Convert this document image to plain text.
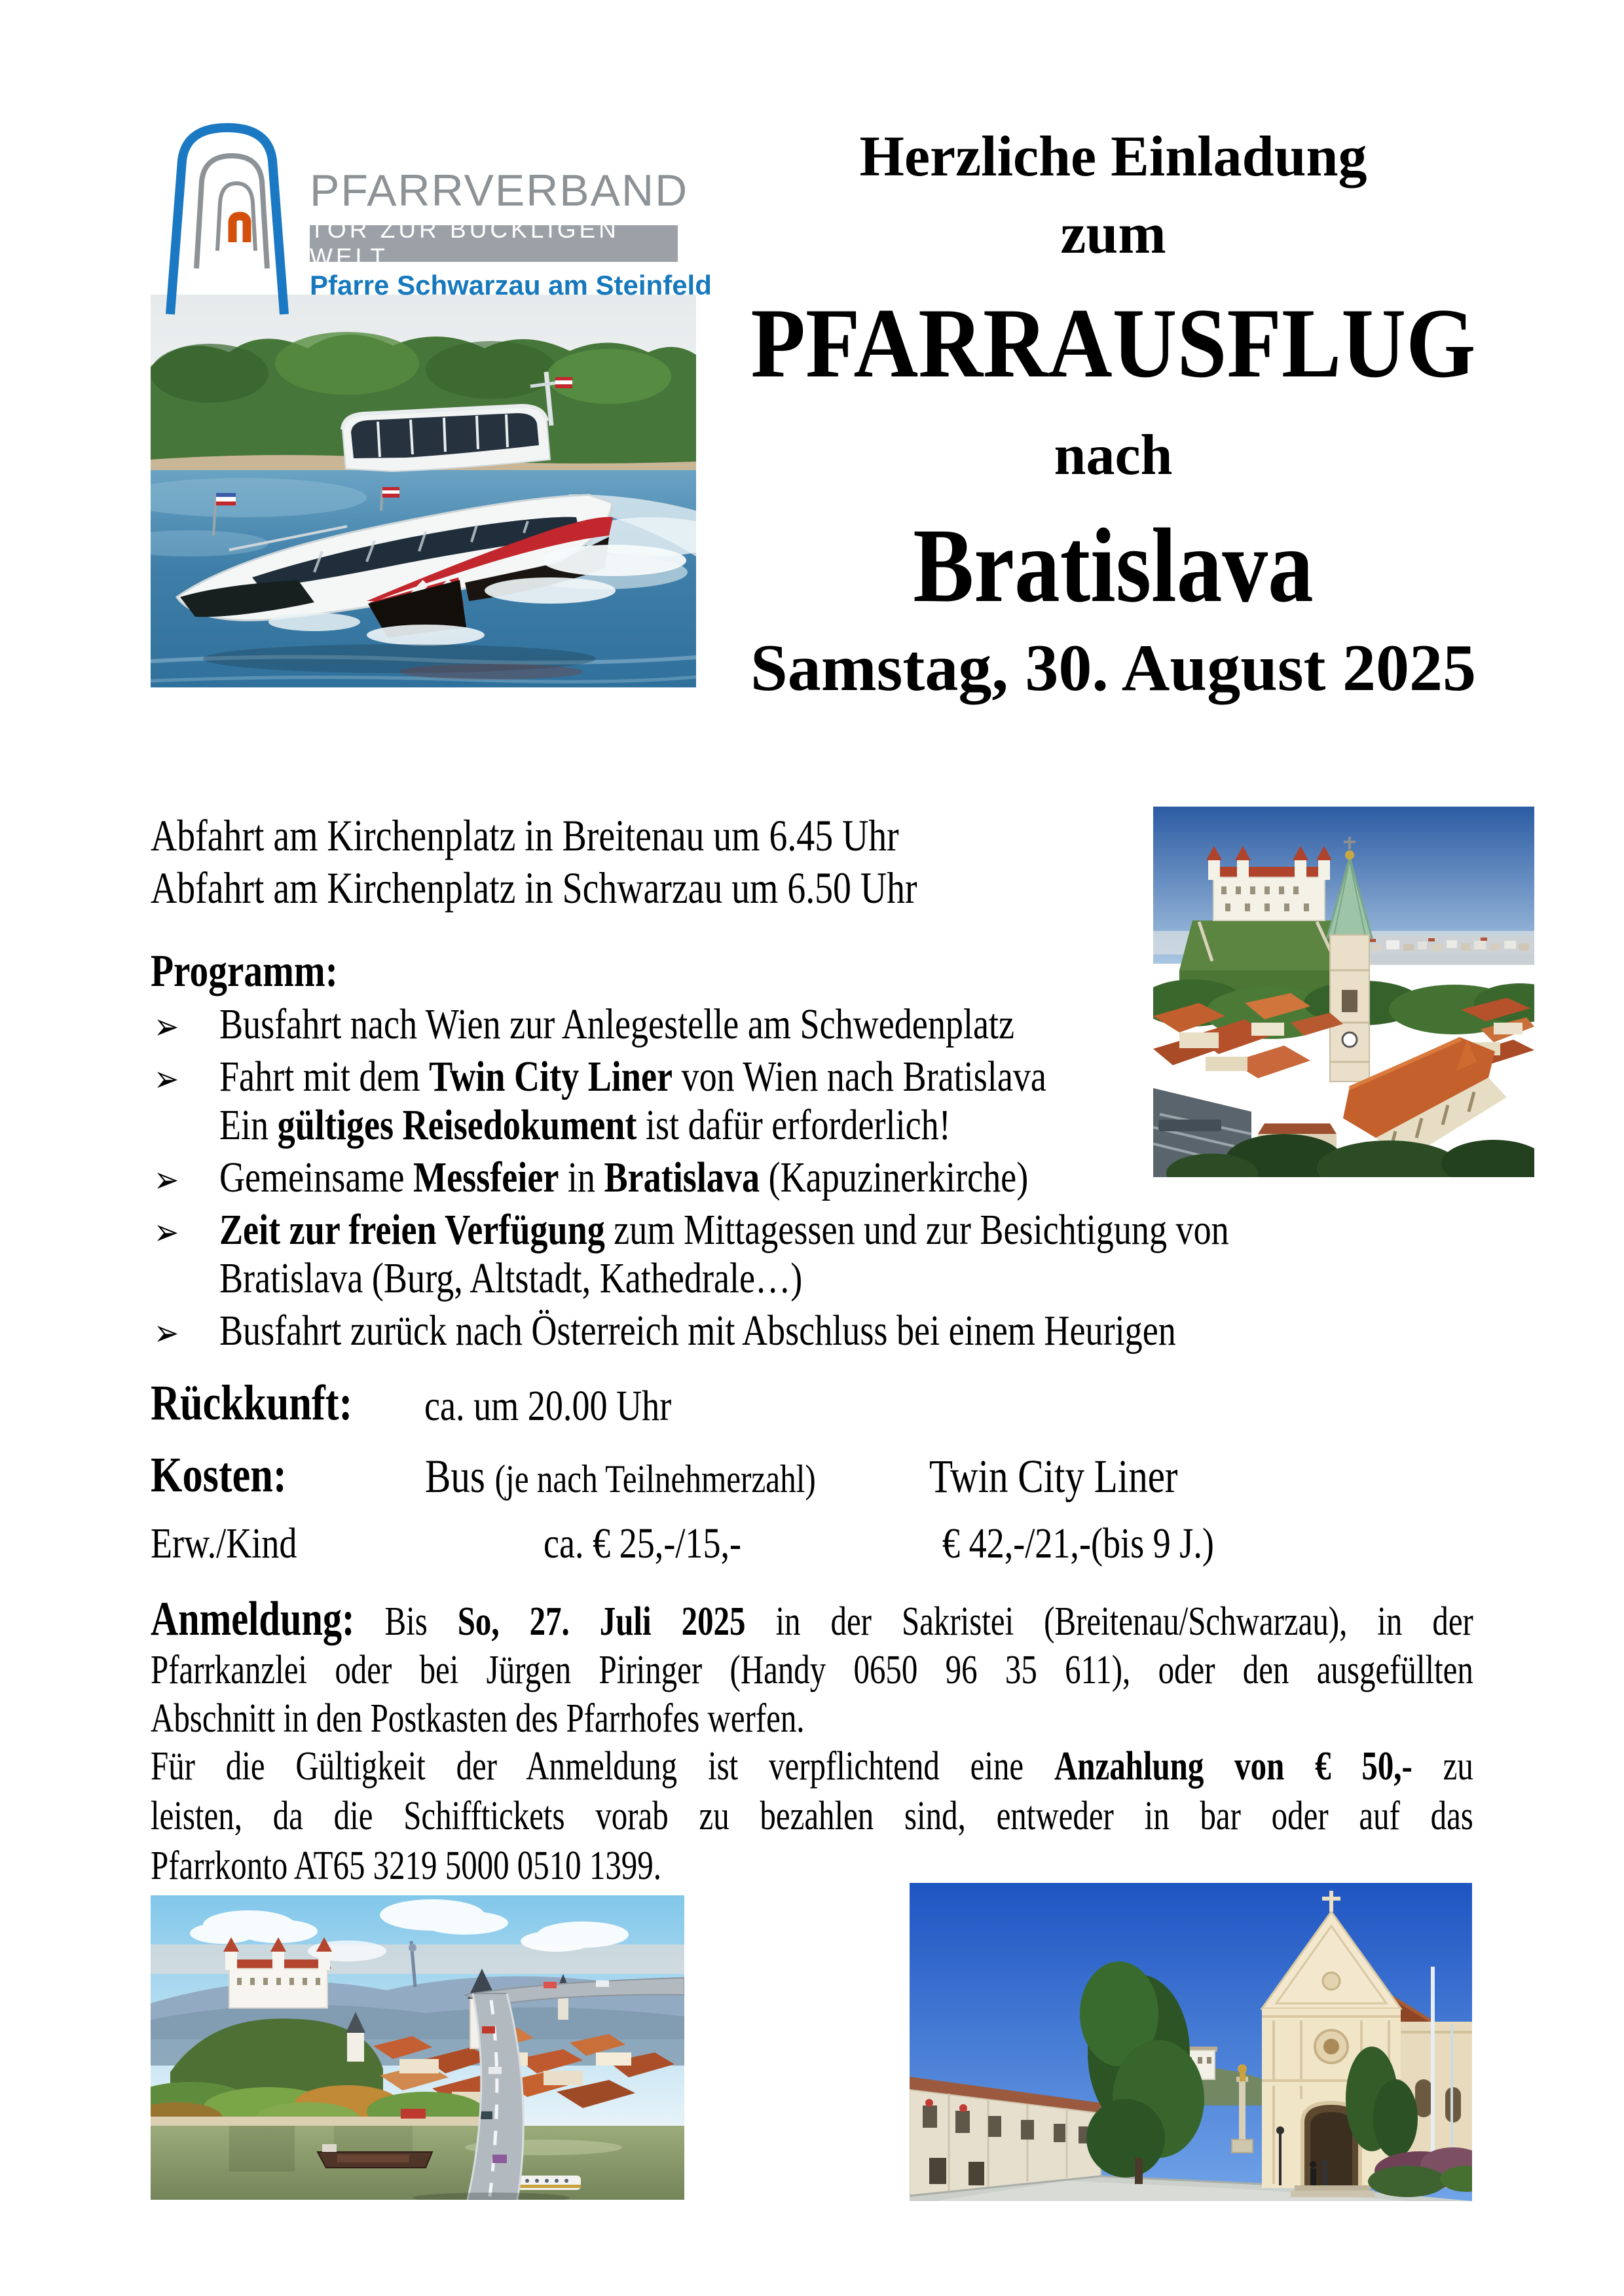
PFARRVERBAND
TOR ZUR BUCKLIGEN WELT
Pfarre Schwarzau am Steinfeld
Herzliche Einladung
zum
PFARRAUSFLUG
nach
Bratislava
Samstag, 30. August 2025
Abfahrt am Kirchenplatz in Breitenau um 6.45 Uhr
Abfahrt am Kirchenplatz in Schwarzau um 6.50 Uhr
Programm:
➢ Busfahrt nach Wien zur Anlegestelle am Schwedenplatz
➢ Fahrt mit dem Twin City Liner von Wien nach Bratislava
Ein gültiges Reisedokument ist dafür erforderlich!
➢ Gemeinsame Messfeier in Bratislava (Kapuzinerkirche)
➢ Zeit zur freien Verfügung zum Mittagessen und zur Besichtigung von
Bratislava (Burg, Altstadt, Kathedrale…)
➢ Busfahrt zurück nach Österreich mit Abschluss bei einem Heurigen
Rückkunft: ca. um 20.00 Uhr
Kosten:	Bus (je nach Teilnehmerzahl) Twin City Liner
Erw./Kind	ca. € 25,-/15,-	€ 42,-/21,-(bis 9 J.)
Anmeldung: Bis So, 27. Juli 2025 in der Sakristei (Breitenau/Schwarzau), in der
Pfarrkanzlei oder bei Jürgen Piringer (Handy 0650 96 35 611), oder den ausgefüllten
Abschnitt in den Postkasten des Pfarrhofes werfen.
Für die Gültigkeit der Anmeldung ist verpflichtend eine Anzahlung von € 50,- zu
leisten, da die Schifftickets vorab zu bezahlen sind, entweder in bar oder auf das
Pfarrkonto AT65 3219 5000 0510 1399.
